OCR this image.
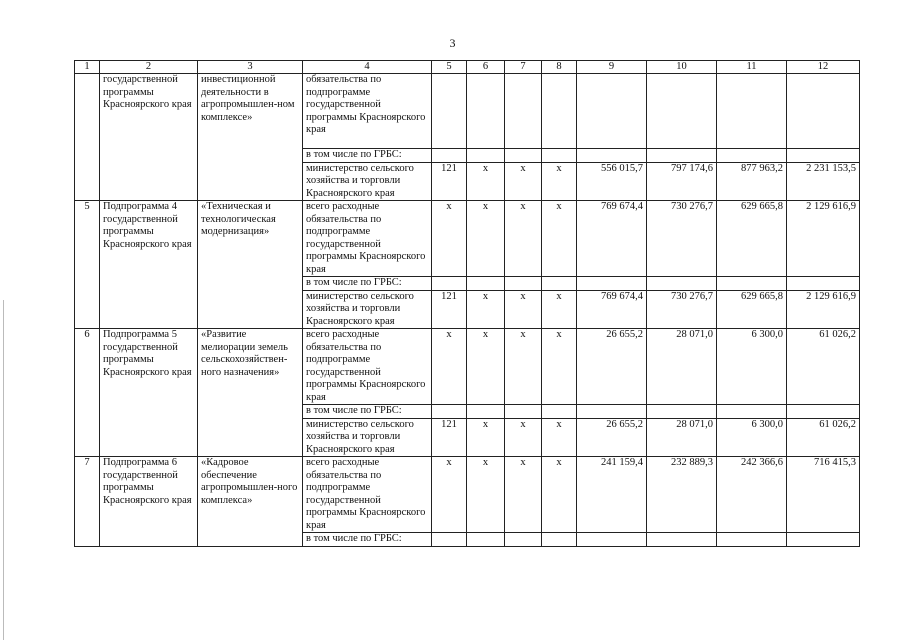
3
1	2	3	4	5	6	7	8	9	10	11	12
	государственной программы Красноярского края	инвестиционной деятельности в агропромышлен-ном комплексе»	обязательства по подпрограмме государственной программы Красноярского края								
			в том числе по ГРБС:								
			министерство сельского хозяйства и торговли Красноярского края	121	x	x	x	556 015,7	797 174,6	877 963,2	2 231 153,5
5	Подпрограмма 4 государственной программы Красноярского края	«Техническая и технологическая модернизация»	всего расходные обязательства по подпрограмме государственной программы Красноярского края	x	x	x	x	769 674,4	730 276,7	629 665,8	2 129 616,9
			в том числе по ГРБС:								
			министерство сельского хозяйства и торговли Красноярского края	121	x	x	x	769 674,4	730 276,7	629 665,8	2 129 616,9
6	Подпрограмма 5 государственной программы Красноярского края	«Развитие мелиорации земель сельскохозяйствен-ного назначения»	всего расходные обязательства по подпрограмме государственной программы Красноярского края	x	x	x	x	26 655,2	28 071,0	6 300,0	61 026,2
			в том числе по ГРБС:								
			министерство сельского хозяйства и торговли Красноярского края	121	x	x	x	26 655,2	28 071,0	6 300,0	61 026,2
7	Подпрограмма 6 государственной программы Красноярского края	«Кадровое обеспечение агропромышлен-ного комплекса»	всего расходные обязательства по подпрограмме государственной программы Красноярского края	x	x	x	x	241 159,4	232 889,3	242 366,6	716 415,3
			в том числе по ГРБС:								
